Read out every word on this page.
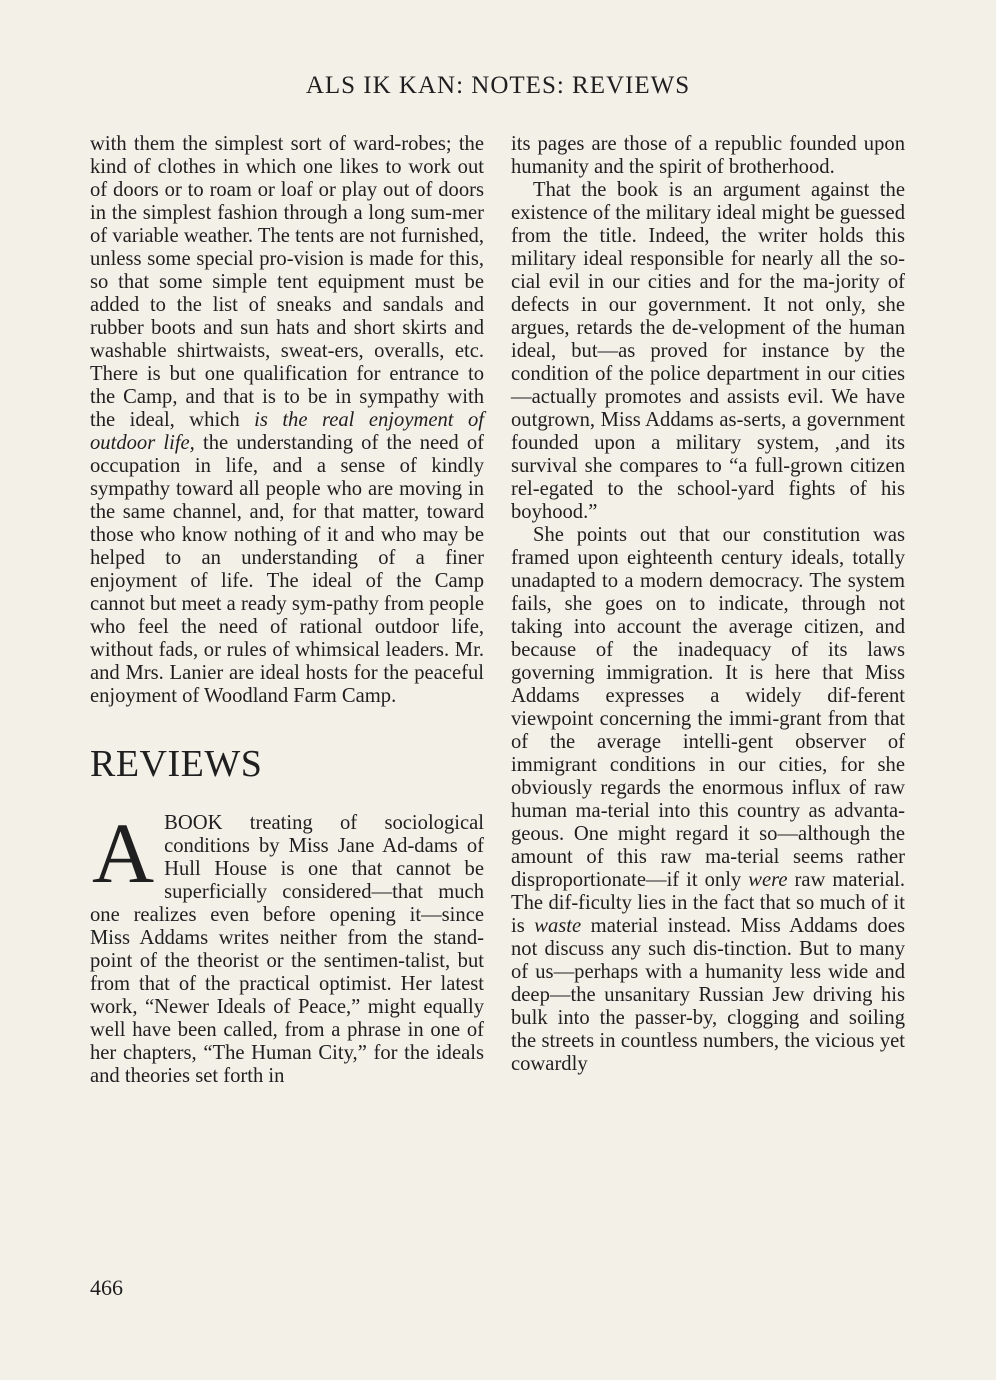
ALS IK KAN: NOTES: REVIEWS

with them the simplest sort of ward-robes; the kind of clothes in which one likes to work out of doors or to roam or loaf or play out of doors in the simplest fashion through a long sum-mer of variable weather. The tents are not furnished, unless some special pro-vision is made for this, so that some simple tent equipment must be added to the list of sneaks and sandals and rubber boots and sun hats and short skirts and washable shirtwaists, sweat-ers, overalls, etc. There is but one qualification for entrance to the Camp, and that is to be in sympathy with the ideal, which is the real enjoyment of outdoor life, the understanding of the need of occupation in life, and a sense of kindly sympathy toward all people who are moving in the same channel, and, for that matter, toward those who know nothing of it and who may be helped to an understanding of a finer enjoyment of life. The ideal of the Camp cannot but meet a ready sym-pathy from people who feel the need of rational outdoor life, without fads, or rules of whimsical leaders. Mr. and Mrs. Lanier are ideal hosts for the peaceful enjoyment of Woodland Farm Camp.

REVIEWS

ABOOK treating of sociological conditions by Miss Jane Ad-dams of Hull House is one that cannot be superficially considered—that much one realizes even before opening it—since Miss Addams writes neither from the stand-point of the theorist or the sentimen-talist, but from that of the practical optimist. Her latest work, “Newer Ideals of Peace,” might equally well have been called, from a phrase in one of her chapters, “The Human City,” for the ideals and theories set forth in

its pages are those of a republic founded upon humanity and the spirit of brotherhood.

That the book is an argument against the existence of the military ideal might be guessed from the title. Indeed, the writer holds this military ideal responsible for nearly all the so-cial evil in our cities and for the ma-jority of defects in our government. It not only, she argues, retards the de-velopment of the human ideal, but—as proved for instance by the condition of the police department in our cities —actually promotes and assists evil. We have outgrown, Miss Addams as-serts, a government founded upon a military system, ,and its survival she compares to “a full-grown citizen rel-egated to the school-yard fights of his boyhood.”

She points out that our constitution was framed upon eighteenth century ideals, totally unadapted to a modern democracy. The system fails, she goes on to indicate, through not taking into account the average citizen, and because of the inadequacy of its laws governing immigration. It is here that Miss Addams expresses a widely dif-ferent viewpoint concerning the immi-grant from that of the average intelli-gent observer of immigrant conditions in our cities, for she obviously regards the enormous influx of raw human ma-terial into this country as advanta-geous. One might regard it so—although the amount of this raw ma-terial seems rather disproportionate—if it only were raw material. The dif-ficulty lies in the fact that so much of it is waste material instead. Miss Addams does not discuss any such dis-tinction. But to many of us—perhaps with a humanity less wide and deep—the unsanitary Russian Jew driving his bulk into the passer-by, clogging and soiling the streets in countless numbers, the vicious yet cowardly

466
